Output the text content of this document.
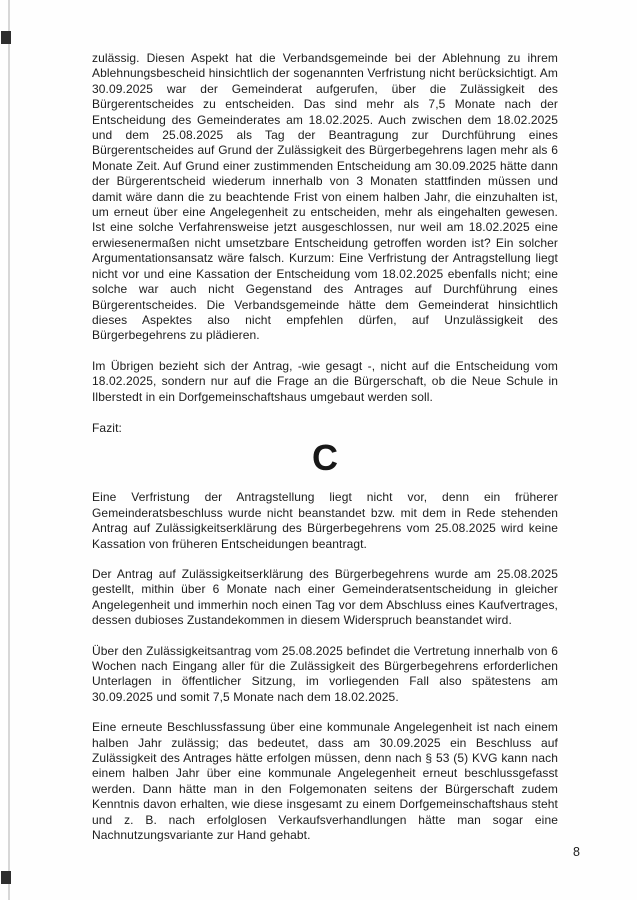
zulässig. Diesen Aspekt hat die Verbandsgemeinde bei der Ablehnung zu ihrem Ablehnungsbescheid hinsichtlich der sogenannten Verfristung nicht berücksichtigt. Am 30.09.2025 war der Gemeinderat aufgerufen, über die Zulässigkeit des Bürgerentscheides zu entscheiden. Das sind mehr als 7,5 Monate nach der Entscheidung des Gemeinderates am 18.02.2025. Auch zwischen dem 18.02.2025 und dem 25.08.2025 als Tag der Beantragung zur Durchführung eines Bürgerentscheides auf Grund der Zulässigkeit des Bürgerbegehrens lagen mehr als 6 Monate Zeit. Auf Grund einer zustimmenden Entscheidung am 30.09.2025 hätte dann der Bürgerentscheid wiederum innerhalb von 3 Monaten stattfinden müssen und damit wäre dann die zu beachtende Frist von einem halben Jahr, die einzuhalten ist, um erneut über eine Angelegenheit zu entscheiden, mehr als eingehalten gewesen. Ist eine solche Verfahrensweise jetzt ausgeschlossen, nur weil am 18.02.2025 eine erwiesenermaßen nicht umsetzbare Entscheidung getroffen worden ist? Ein solcher Argumentationsansatz wäre falsch. Kurzum: Eine Verfristung der Antragstellung liegt nicht vor und eine Kassation der Entscheidung vom 18.02.2025 ebenfalls nicht; eine solche war auch nicht Gegenstand des Antrages auf Durchführung eines Bürgerentscheides. Die Verbandsgemeinde hätte dem Gemeinderat hinsichtlich dieses Aspektes also nicht empfehlen dürfen, auf Unzulässigkeit des Bürgerbegehrens zu plädieren.

Im Übrigen bezieht sich der Antrag, -wie gesagt -, nicht auf die Entscheidung vom 18.02.2025, sondern nur auf die Frage an die Bürgerschaft, ob die Neue Schule in Ilberstedt in ein Dorfgemeinschaftshaus umgebaut werden soll.

Fazit:

C

Eine Verfristung der Antragstellung liegt nicht vor, denn ein früherer Gemeinderatsbeschluss wurde nicht beanstandet bzw. mit dem in Rede stehenden Antrag auf Zulässigkeitserklärung des Bürgerbegehrens vom 25.08.2025 wird keine Kassation von früheren Entscheidungen beantragt.

Der Antrag auf Zulässigkeitserklärung des Bürgerbegehrens wurde am 25.08.2025 gestellt, mithin über 6 Monate nach einer Gemeinderatsentscheidung in gleicher Angelegenheit und immerhin noch einen Tag vor dem Abschluss eines Kaufvertrages, dessen dubioses Zustandekommen in diesem Widerspruch beanstandet wird.

Über den Zulässigkeitsantrag vom 25.08.2025 befindet die Vertretung innerhalb von 6 Wochen nach Eingang aller für die Zulässigkeit des Bürgerbegehrens erforderlichen Unterlagen in öffentlicher Sitzung, im vorliegenden Fall also spätestens am 30.09.2025 und somit 7,5 Monate nach dem 18.02.2025.

Eine erneute Beschlussfassung über eine kommunale Angelegenheit ist nach einem halben Jahr zulässig; das bedeutet, dass am 30.09.2025 ein Beschluss auf Zulässigkeit des Antrages hätte erfolgen müssen, denn nach § 53 (5) KVG kann nach einem halben Jahr über eine kommunale Angelegenheit erneut beschlussgefasst werden. Dann hätte man in den Folgemonaten seitens der Bürgerschaft zudem Kenntnis davon erhalten, wie diese insgesamt zu einem Dorfgemeinschaftshaus steht und z. B. nach erfolglosen Verkaufsverhandlungen hätte man sogar eine Nachnutzungsvariante zur Hand gehabt.

8
